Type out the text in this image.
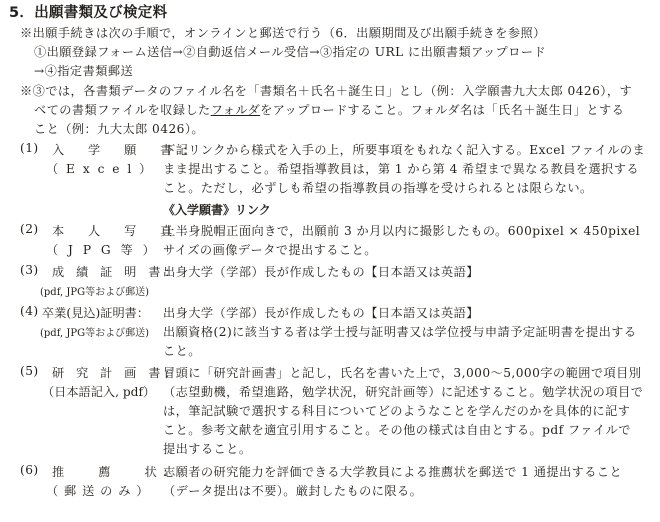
5．出願書類及び検定料
※出願手続きは次の手順で，オンラインと郵送で行う（6．出願期間及び出願手続きを参照）
①出願登録フォーム送信→②自動返信メール受信→③指定の URL に出願書類アップロード
→④指定書類郵送
※③では，各書類データのファイル名を「書類名＋氏名＋誕生日」とし（例：入学願書九大太郎 0426），す
べての書類ファイルを収録したフォルダをアップロードすること。フォルダ名は「氏名＋誕生日」とする
こと（例：九大太郎 0426）。
(1) 入 学 願 書：
（ E x c e l ）
下記リンクから様式を入手の上，所要事項をもれなく記入する。Excel ファイルのま
まま提出すること。希望指導教員は，第 1 から第 4 希望まで異なる教員を選択する
こと。ただし，必ずしも希望の指導教員の指導を受けられるとは限らない。
《入学願書》リンク
(2) 本 人 写 真：
（ J P G 等 ）
上半身脱帽正面向きで，出願前 3 か月以内に撮影したもの。600pixel × 450pixel
サイズの画像データで提出すること。
(3) 成 績 証 明 書：
(pdf, JPG等および郵送)
出身大学（学部）長が作成したもの【日本語又は英語】
(4) 卒業(見込)証明書：
(pdf, JPG等および郵送)
出身大学（学部）長が作成したもの【日本語又は英語】
出願資格(2)に該当する者は学士授与証明書又は学位授与申請予定証明書を提出する
こと。
(5) 研 究 計 画 書：
（日本語記入, pdf）
冒頭に「研究計画書」と記し，氏名を書いた上で，3,000～5,000字の範囲で項目別
（志望動機，希望進路，勉学状況，研究計画等）に記述すること。勉学状況の項目で
は，筆記試験で選択する科目についてどのようなことを学んだのかを具体的に記す
こと。参考文献を適宜引用すること。その他の様式は自由とする。pdf ファイルで
提出すること。
(6) 推　 薦　 状：
（ 郵 送 の み ）
志願者の研究能力を評価できる大学教員による推薦状を郵送で 1 通提出すること
（データ提出は不要）。厳封したものに限る。
